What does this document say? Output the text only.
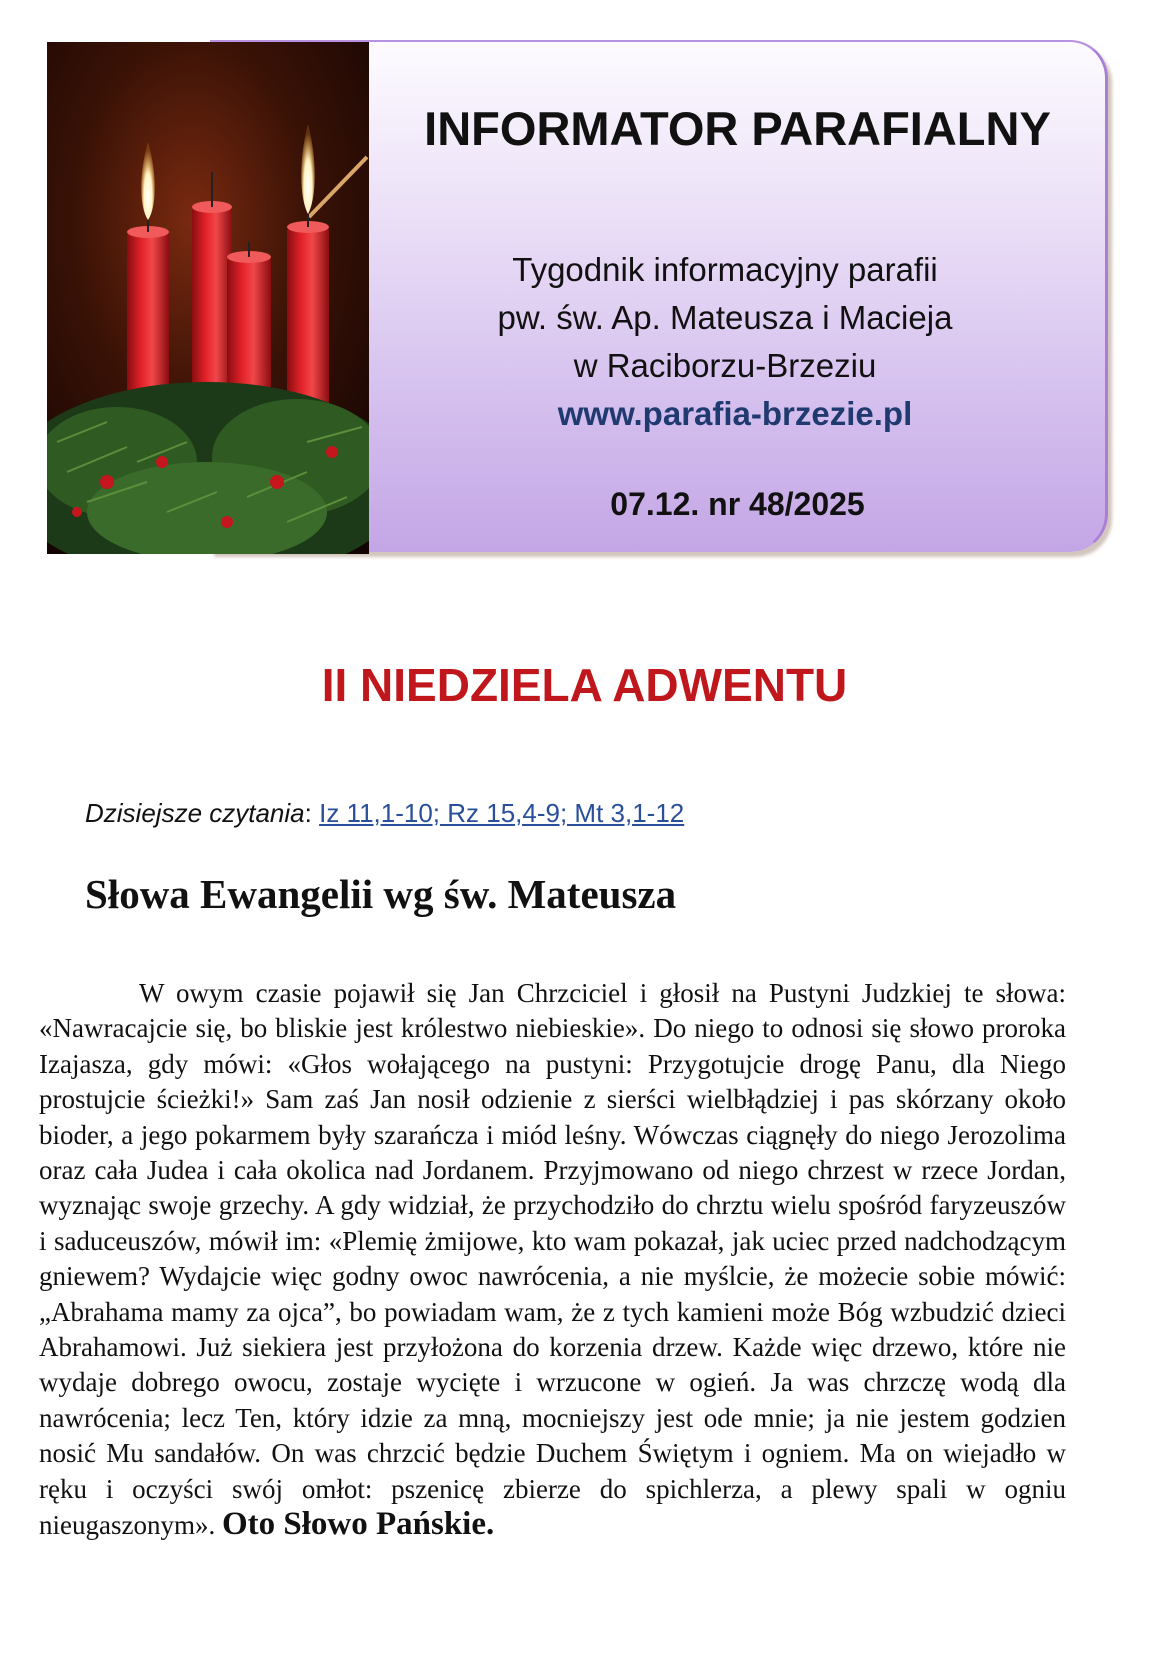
INFORMATOR PARAFIALNY
Tygodnik informacyjny parafii
pw. św. Ap. Mateusza i Macieja
w Raciborzu-Brzeziu
www.parafia-brzezie.pl
07.12. nr 48/2025
II NIEDZIELA ADWENTU
Dzisiejsze czytania: Iz 11,1-10; Rz 15,4-9; Mt 3,1-12
Słowa Ewangelii wg św. Mateusza

W owym czasie pojawił się Jan Chrzciciel i głosił na Pustyni Judzkiej te słowa: «Nawracajcie się, bo bliskie jest królestwo niebieskie». Do niego to odnosi się słowo proroka Izajasza, gdy mówi: «Głos wołającego na pustyni: Przygotujcie drogę Panu, dla Niego prostujcie ścieżki!» Sam zaś Jan nosił odzienie z sierści wielbłądziej i pas skórzany około bioder, a jego pokarmem były szarańcza i miód leśny. Wówczas ciągnęły do niego Jerozolima oraz cała Judea i cała okolica nad Jordanem. Przyjmowano od niego chrzest w rzece Jordan, wyznając swoje grzechy. A gdy widział, że przychodziło do chrztu wielu spośród faryzeuszów i saduceuszów, mówił im: «Plemię żmijowe, kto wam pokazał, jak uciec przed nadchodzącym gniewem? Wydajcie więc godny owoc nawrócenia, a nie myślcie, że możecie sobie mówić: „Abrahama mamy za ojca”, bo powiadam wam, że z tych kamieni może Bóg wzbudzić dzieci Abrahamowi. Już siekiera jest przyłożona do korzenia drzew. Każde więc drzewo, które nie wydaje dobrego owocu, zostaje wycięte i wrzucone w ogień. Ja was chrzczę wodą dla nawrócenia; lecz Ten, który idzie za mną, mocniejszy jest ode mnie; ja nie jestem godzien nosić Mu sandałów. On was chrzcić będzie Duchem Świętym i ogniem. Ma on wiejadło w ręku i oczyści swój omłot: pszenicę zbierze do spichlerza, a plewy spali w ogniu nieugaszonym». Oto Słowo Pańskie.
